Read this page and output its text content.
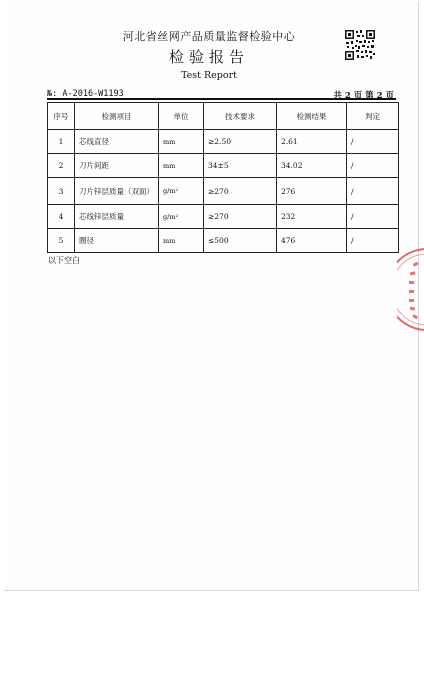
河北省丝网产品质量监督检验中心
检验报告
Test Report
№: A-2016-W1193	共 2 页 第 2 页
序号	检测项目	单位	技术要求	检测结果	判定
1	芯线直径	mm	≥2.50	2.61	/
2	刀片间距	mm	34±5	34.02	/
3	刀片锌层质量（双面）	g/m²	≥270	276	/
4	芯线锌层质量	g/m²	≥270	232	/
5	圈径	mm	≤500	476	/
以下空白
